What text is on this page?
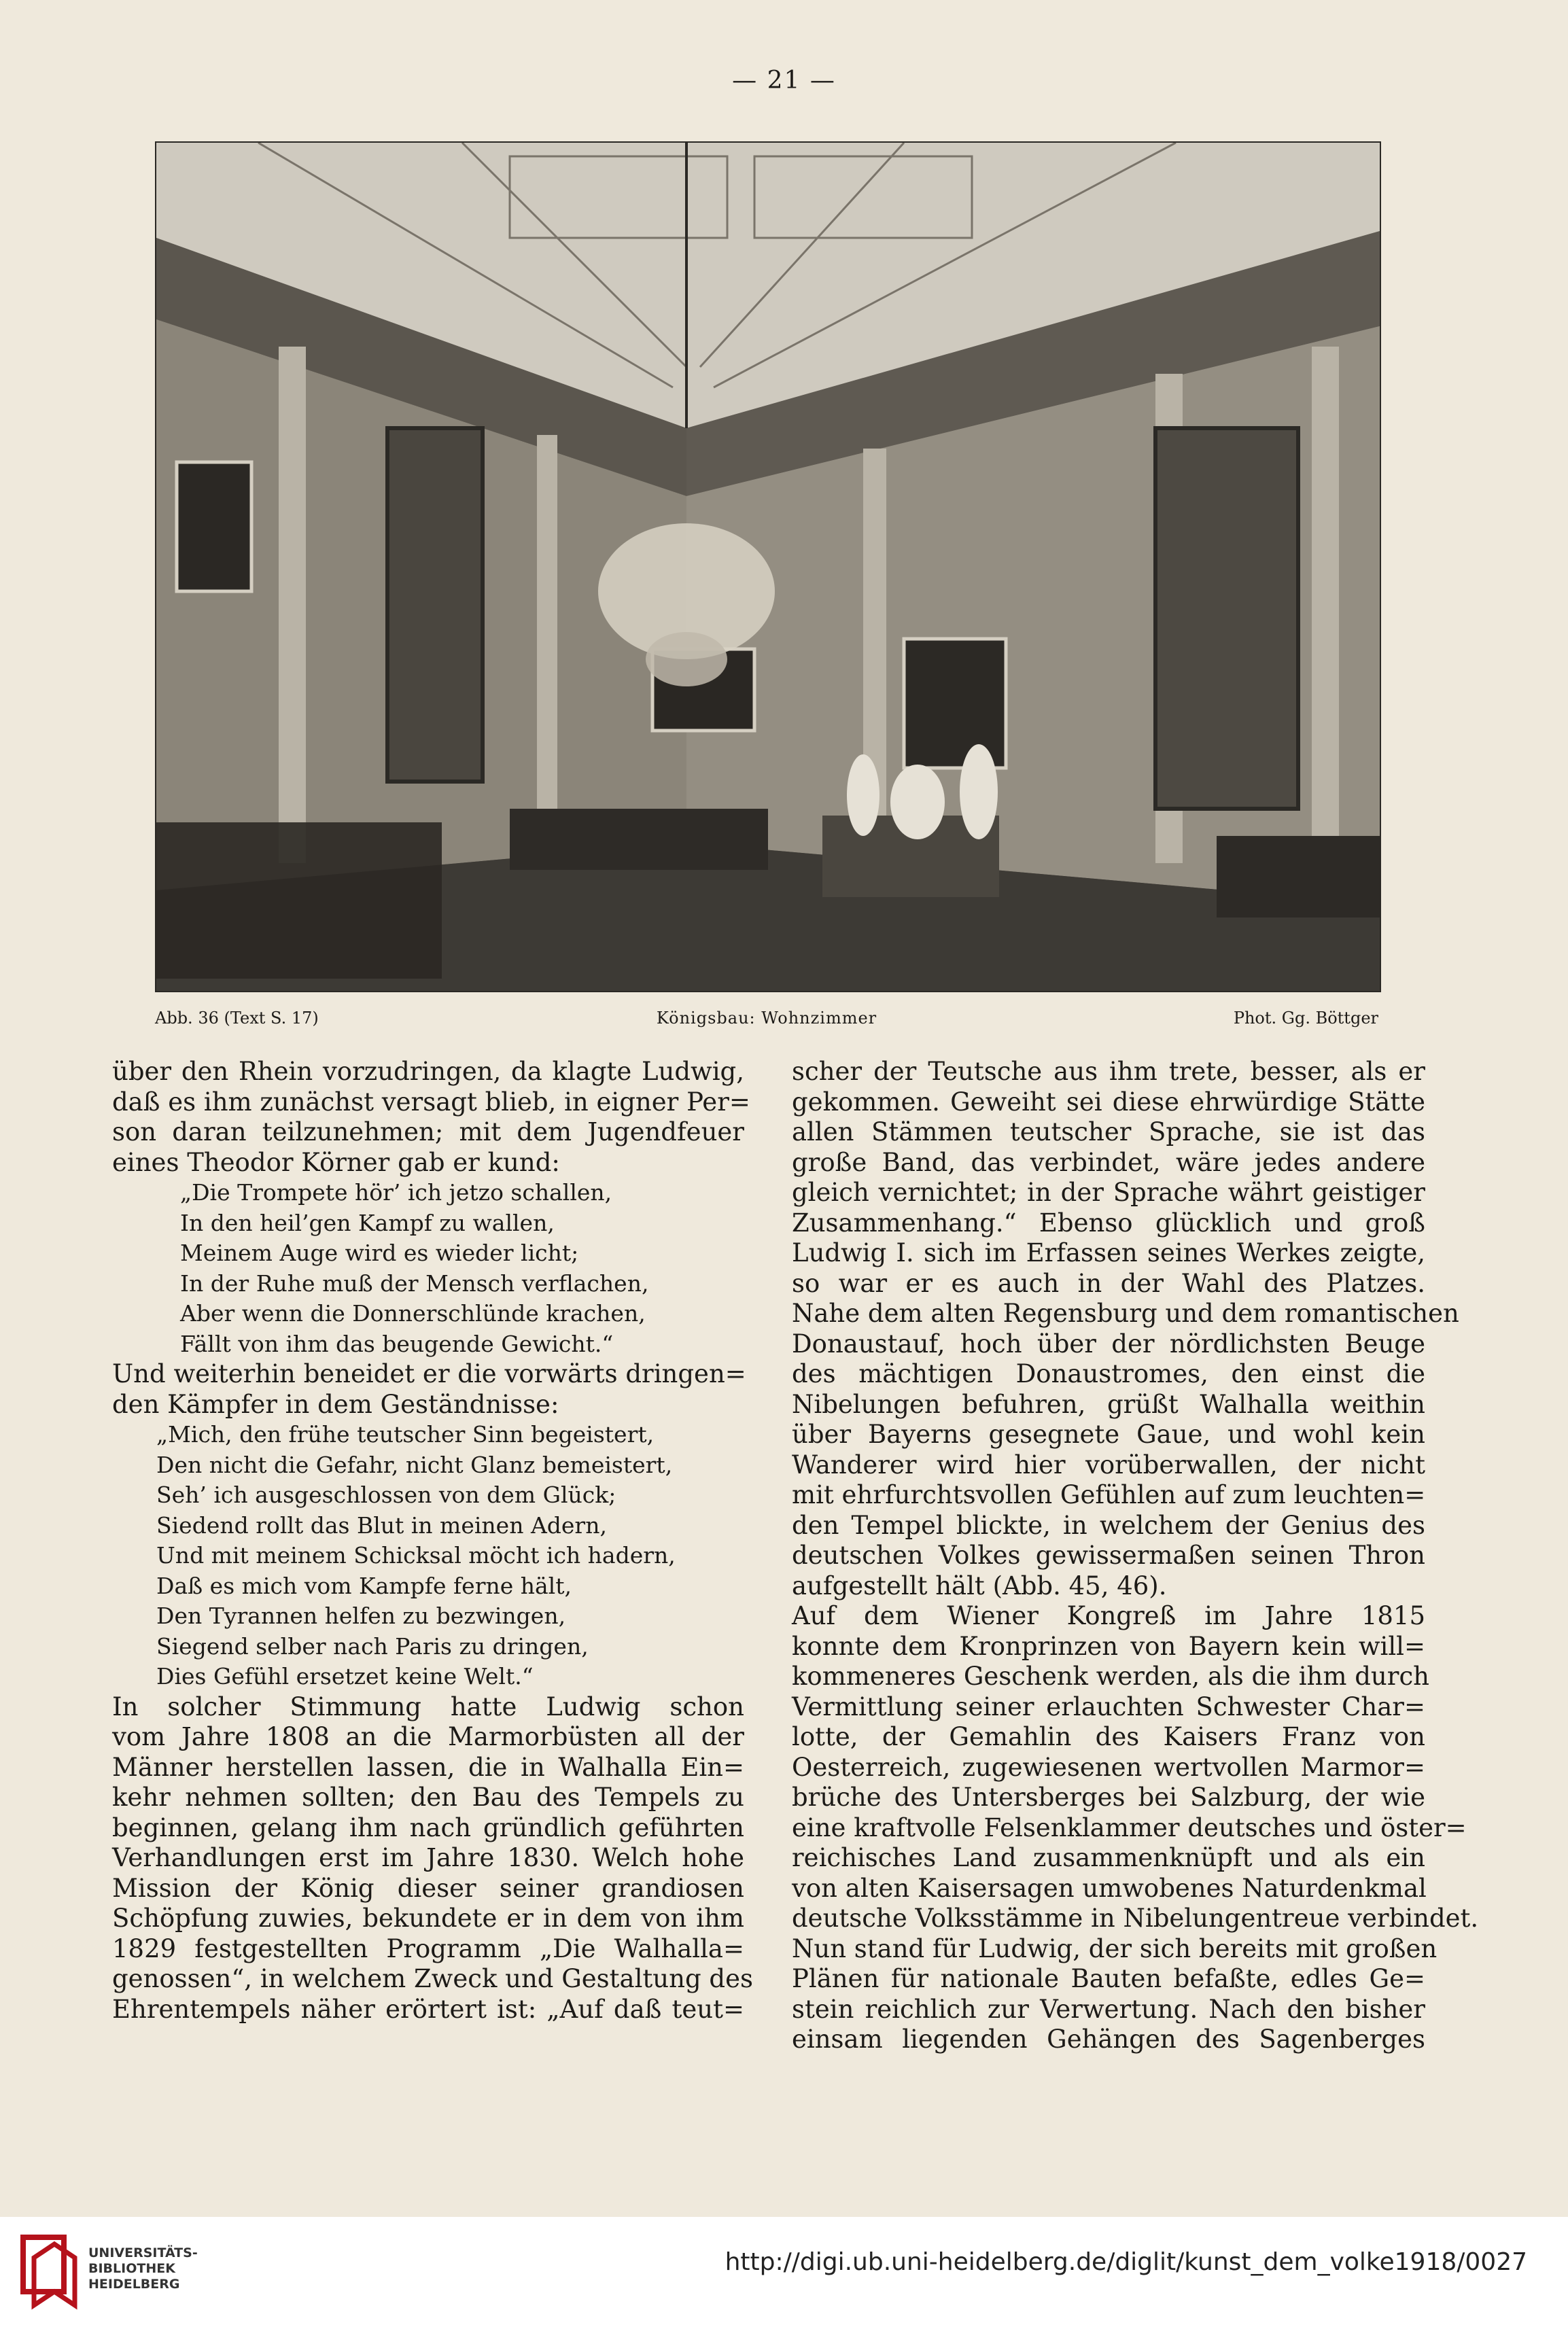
— 21 —
Abb. 36 (Text S. 17)	Königsbau: Wohnzimmer	Phot. Gg. Böttger
über den Rhein vorzudringen, da klagte Ludwig,
daß es ihm zunächst versagt blieb, in eigner Per=
son daran teilzunehmen; mit dem Jugendfeuer
eines Theodor Körner gab er kund:
„Die Trompete hör’ ich jetzo schallen,
In den heil’gen Kampf zu wallen,
Meinem Auge wird es wieder licht;
In der Ruhe muß der Mensch verflachen,
Aber wenn die Donnerschlünde krachen,
Fällt von ihm das beugende Gewicht.“
Und weiterhin beneidet er die vorwärts dringen=
den Kämpfer in dem Geständnisse:
„Mich, den frühe teutscher Sinn begeistert,
Den nicht die Gefahr, nicht Glanz bemeistert,
Seh’ ich ausgeschlossen von dem Glück;
Siedend rollt das Blut in meinen Adern,
Und mit meinem Schicksal möcht ich hadern,
Daß es mich vom Kampfe ferne hält,
Den Tyrannen helfen zu bezwingen,
Siegend selber nach Paris zu dringen,
Dies Gefühl ersetzet keine Welt.“
In solcher Stimmung hatte Ludwig schon
vom Jahre 1808 an die Marmorbüsten all der
Männer herstellen lassen, die in Walhalla Ein=
kehr nehmen sollten; den Bau des Tempels zu
beginnen, gelang ihm nach gründlich geführten
Verhandlungen erst im Jahre 1830. Welch hohe
Mission der König dieser seiner grandiosen
Schöpfung zuwies, bekundete er in dem von ihm
1829 festgestellten Programm „Die Walhalla=
genossen“, in welchem Zweck und Gestaltung des
Ehrentempels näher erörtert ist: „Auf daß teut=
scher der Teutsche aus ihm trete, besser, als er
gekommen. Geweiht sei diese ehrwürdige Stätte
allen Stämmen teutscher Sprache, sie ist das
große Band, das verbindet, wäre jedes andere
gleich vernichtet; in der Sprache währt geistiger
Zusammenhang.“ Ebenso glücklich und groß
Ludwig I. sich im Erfassen seines Werkes zeigte,
so war er es auch in der Wahl des Platzes.
Nahe dem alten Regensburg und dem romantischen
Donaustauf, hoch über der nördlichsten Beuge
des mächtigen Donaustromes, den einst die
Nibelungen befuhren, grüßt Walhalla weithin
über Bayerns gesegnete Gaue, und wohl kein
Wanderer wird hier vorüberwallen, der nicht
mit ehrfurchtsvollen Gefühlen auf zum leuchten=
den Tempel blickte, in welchem der Genius des
deutschen Volkes gewissermaßen seinen Thron
aufgestellt hält (Abb. 45, 46).
Auf dem Wiener Kongreß im Jahre 1815
konnte dem Kronprinzen von Bayern kein will=
kommeneres Geschenk werden, als die ihm durch
Vermittlung seiner erlauchten Schwester Char=
lotte, der Gemahlin des Kaisers Franz von
Oesterreich, zugewiesenen wertvollen Marmor=
brüche des Untersberges bei Salzburg, der wie
eine kraftvolle Felsenklammer deutsches und öster=
reichisches Land zusammenknüpft und als ein
von alten Kaisersagen umwobenes Naturdenkmal
deutsche Volksstämme in Nibelungentreue verbindet.
Nun stand für Ludwig, der sich bereits mit großen
Plänen für nationale Bauten befaßte, edles Ge=
stein reichlich zur Verwertung. Nach den bisher
einsam liegenden Gehängen des Sagenberges
UNIVERSITÄTS-
BIBLIOTHEK
HEIDELBERG
http://digi.ub.uni-heidelberg.de/diglit/kunst_dem_volke1918/0027
